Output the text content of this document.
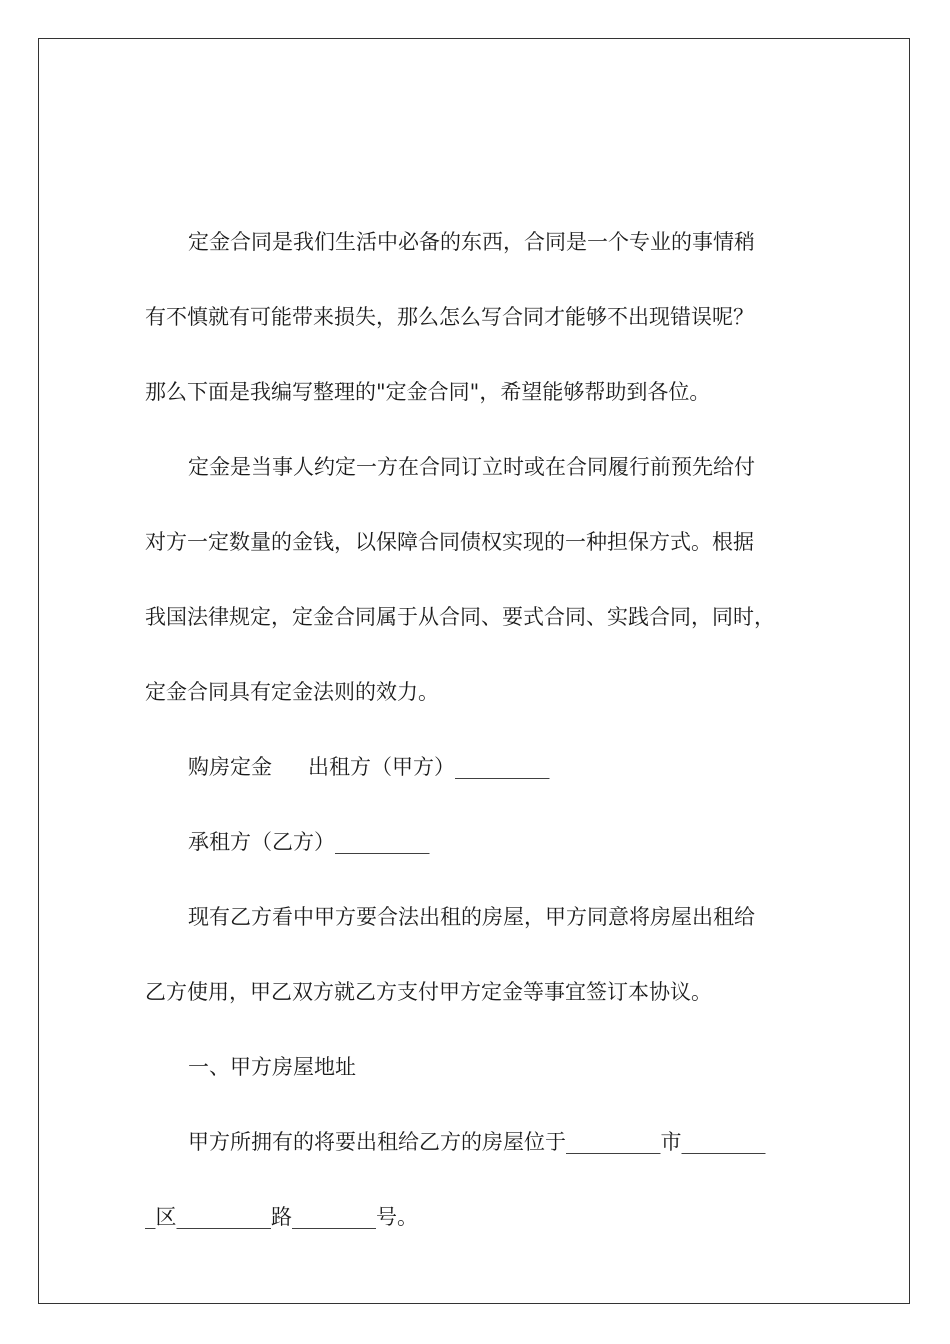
定金合同是我们生活中必备的东西，合同是一个专业的事情稍

有不慎就有可能带来损失，那么怎么写合同才能够不出现错误呢？

那么下面是我编写整理的"定金合同"，希望能够帮助到各位。

定金是当事人约定一方在合同订立时或在合同履行前预先给付

对方一定数量的金钱，以保障合同债权实现的一种担保方式。根据

我国法律规定，定金合同属于从合同、要式合同、实践合同，同时，

定金合同具有定金法则的效力。

购房定金 出租方（甲方）_________

承租方（乙方）_________

现有乙方看中甲方要合法出租的房屋，甲方同意将房屋出租给

乙方使用，甲乙双方就乙方支付甲方定金等事宜签订本协议。

一、甲方房屋地址

甲方所拥有的将要出租给乙方的房屋位于_________市________

_区_________路________号。
